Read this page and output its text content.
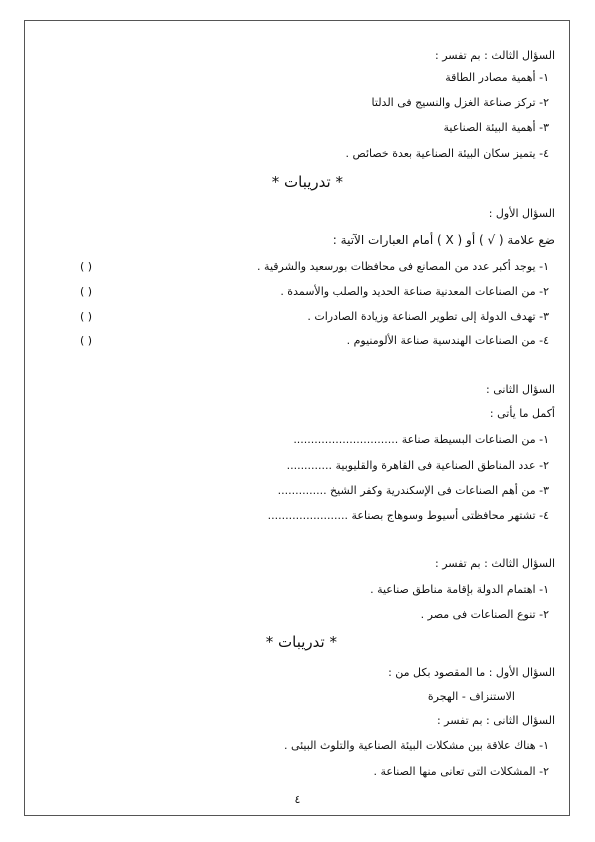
السؤال الثالث : بم تفسر :
١- أهمية مصادر الطاقة
٢- تركز صناعة الغزل والنسيج فى الدلتا
٣- أهمية البيئة الصناعية
٤- يتميز سكان البيئة الصناعية بعدة خصائص .
* تدريبات *
السؤال الأول :
ضع علامة ( √ ) أو ( X ) أمام العبارات الآتية :
١- يوجد أكبر عدد من المصانع فى محافظات بورسعيد والشرقية .
( )
٢- من الصناعات المعدنية صناعة الحديد والصلب والأسمدة .
( )
٣- تهدف الدولة إلى تطوير الصناعة وزيادة الصادرات .
( )
٤- من الصناعات الهندسية صناعة الألومنيوم .
( )
السؤال الثانى :
أكمل ما يأتى :
١- من الصناعات البسيطة صناعة ..............................
٢- عدد المناطق الصناعية فى القاهرة والقليوبية .............
٣- من أهم الصناعات فى الإسكندرية وكفر الشيخ ..............
٤- تشتهر محافظتى أسيوط وسوهاج بصناعة .......................
السؤال الثالث : بم تفسر :
١- اهتمام الدولة بإقامة مناطق صناعية .
٢- تنوع الصناعات فى مصر .
* تدريبات *
السؤال الأول : ما المقصود بكل من :
الاستنزاف - الهجرة
السؤال الثانى : بم تفسر :
١- هناك علاقة بين مشكلات البيئة الصناعية والتلوث البيئى .
٢- المشكلات التى تعانى منها الصناعة .
٤
